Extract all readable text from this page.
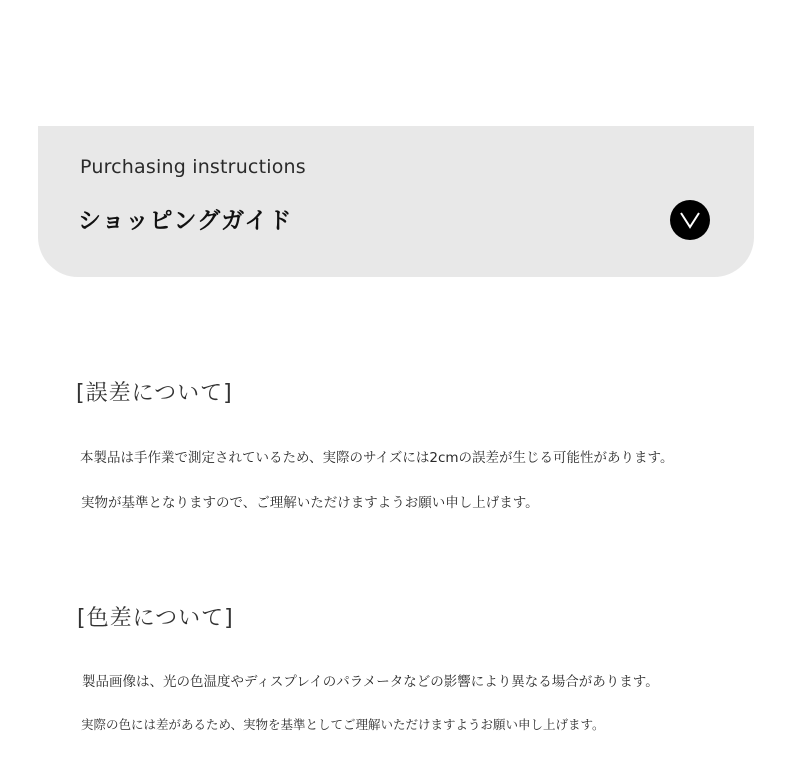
Purchasing instructions
ショッピングガイド
[誤差について]
本製品は手作業で測定されているため、実際のサイズには2cmの誤差が生じる可能性があります。
実物が基準となりますので、ご理解いただけますようお願い申し上げます。
[色差について]
製品画像は、光の色温度やディスプレイのパラメータなどの影響により異なる場合があります。
実際の色には差があるため、実物を基準としてご理解いただけますようお願い申し上げます。
